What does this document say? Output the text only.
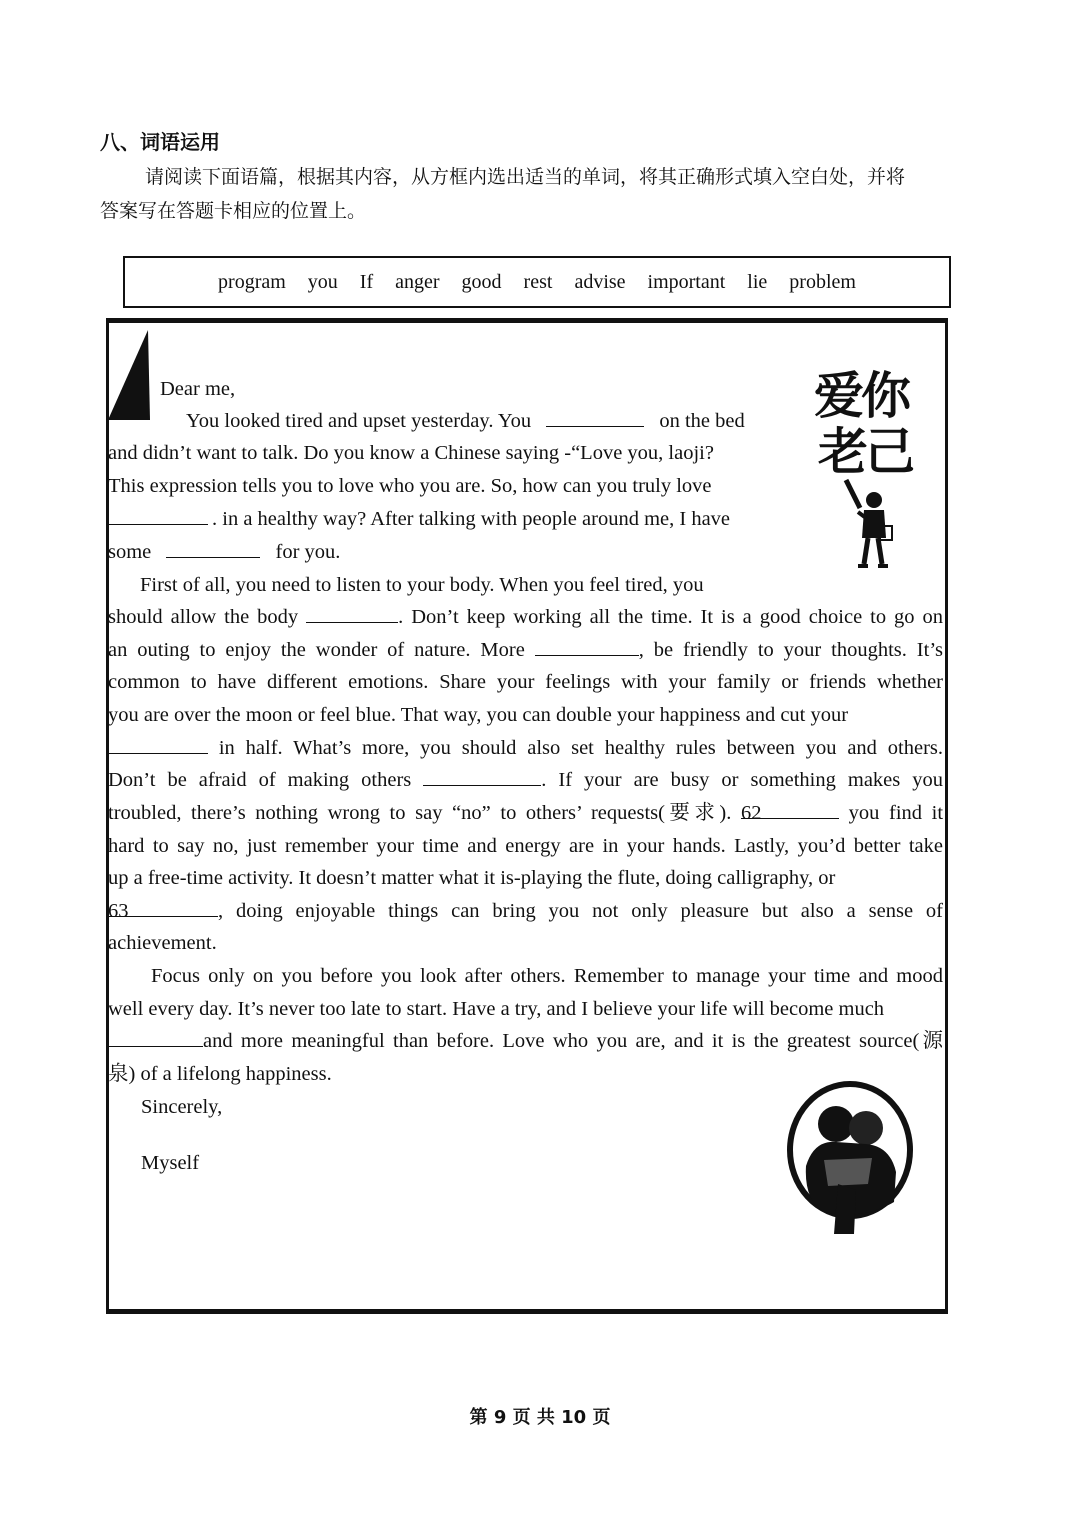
八、词语运用
请阅读下面语篇，根据其内容，从方框内选出适当的单词，将其正确形式填入空白处，并将
答案写在答题卡相应的位置上。
program you If anger good rest advise important lie problem
Dear me,
You looked tired and upset yesterday. You	on the bed
and didn’t want to talk. Do you know a Chinese saying -“Love you, laoji?
This expression tells you to love who you are. So, how can you truly love
. in a healthy way? After talking with people around me, I have
some	for you.
First of all, you need to listen to your body. When you feel tired, you
should allow the body	. Don’t keep working all the time. It is a good choice to go on
an outing to enjoy the wonder of nature. More	, be friendly to your thoughts. It’s
common to have different emotions. Share your feelings with your family or friends whether
you are over the moon or feel blue. That way, you can double your happiness and cut your
in half. What’s more, you should also set healthy rules between you and others.
Don’t be afraid of making others	. If your are busy or something makes you
troubled, there’s nothing wrong to say “no” to others’ requests(要求). 62	you find it
hard to say no, just remember your time and energy are in your hands. Lastly, you’d better take
up a free-time activity. It doesn’t matter what it is-playing the flute, doing calligraphy, or
63	, doing enjoyable things can bring you not only pleasure but also a sense of
achievement.
Focus only on you before you look after others. Remember to manage your time and mood
well every day. It’s never too late to start. Have a try, and I believe your life will become much
and more meaningful than before. Love who you are, and it is the greatest source(源
泉) of a lifelong happiness.
Sincerely,
Myself
爱你
老己
第 9 页 共 10 页
